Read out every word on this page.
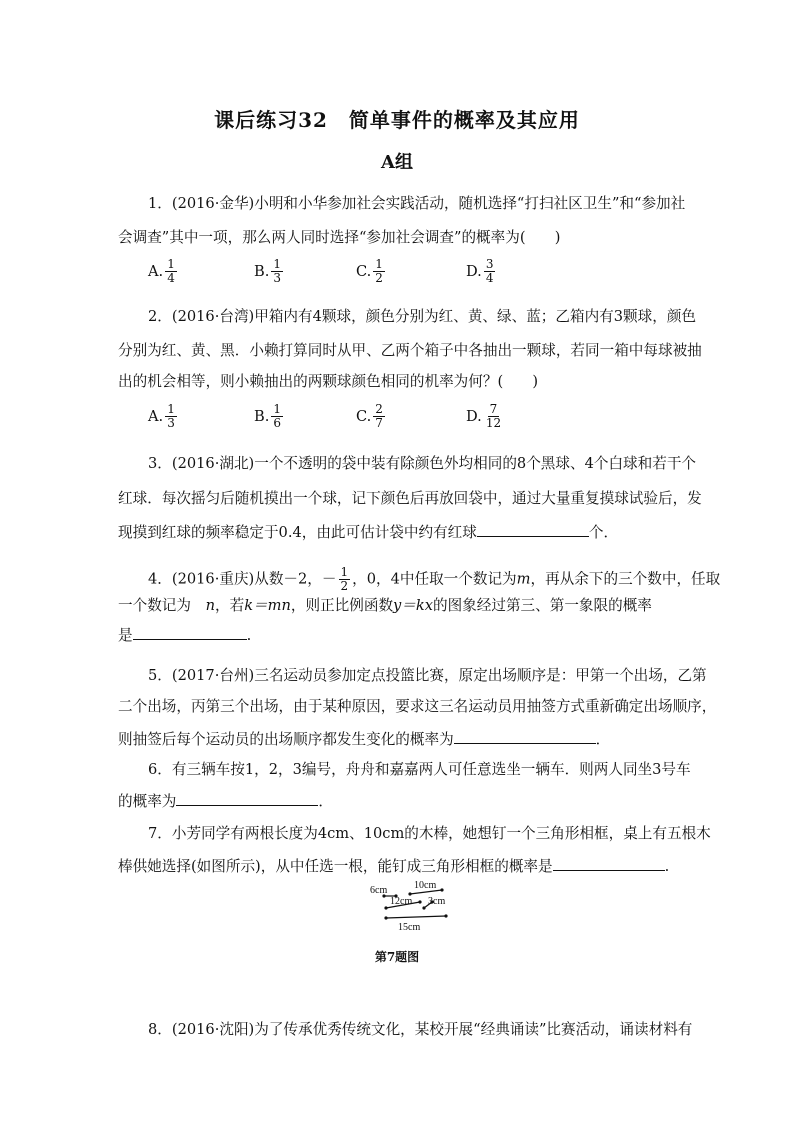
课后练习32　简单事件的概率及其应用
A组
1．(2016·金华)小明和小华参加社会实践活动，随机选择“打扫社区卫生”和“参加社
会调查”其中一项，那么两人同时选择“参加社会调查”的概率为(　　)
A. $\frac{1}{4}$	B. $\frac{1}{3}$	C. $\frac{1}{2}$	D. $\frac{3}{4}$
2．(2016·台湾)甲箱内有4颗球，颜色分别为红、黄、绿、蓝；乙箱内有3颗球，颜色
分别为红、黄、黑．小赖打算同时从甲、乙两个箱子中各抽出一颗球，若同一箱中每球被抽
出的机会相等，则小赖抽出的两颗球颜色相同的机率为何？(　　)
A. $\frac{1}{3}$	B. $\frac{1}{6}$	C. $\frac{2}{7}$	D. $\frac{7}{12}$
3．(2016·湖北)一个不透明的袋中装有除颜色外均相同的8个黑球、4个白球和若干个
红球．每次摇匀后随机摸出一个球，记下颜色后再放回袋中，通过大量重复摸球试验后，发
现摸到红球的频率稳定于0.4，由此可估计袋中约有红球	个．
4．(2016·重庆)从数－2，－ $\frac{1}{2}$ ，0，4中任取一个数记为m，再从余下的三个数中，任取
一个数记为　n，若k＝mn，则正比例函数y＝kx的图象经过第三、第一象限的概率
是	.
5．(2017·台州)三名运动员参加定点投篮比赛，原定出场顺序是：甲第一个出场，乙第
二个出场，丙第三个出场，由于某种原因，要求这三名运动员用抽签方式重新确定出场顺序，
则抽签后每个运动员的出场顺序都发生变化的概率为	．
6．有三辆车按1，2，3编号，舟舟和嘉嘉两人可任意选坐一辆车．则两人同坐3号车
的概率为	．
7．小芳同学有两根长度为4cm、10cm的木棒，她想钉一个三角形相框，桌上有五根木
棒供她选择(如图所示)，从中任选一根，能钉成三角形相框的概率是	.
6cm	10cm
12cm 3cm
15cm
第7题图
8．(2016·沈阳)为了传承优秀传统文化，某校开展“经典诵读”比赛活动，诵读材料有
